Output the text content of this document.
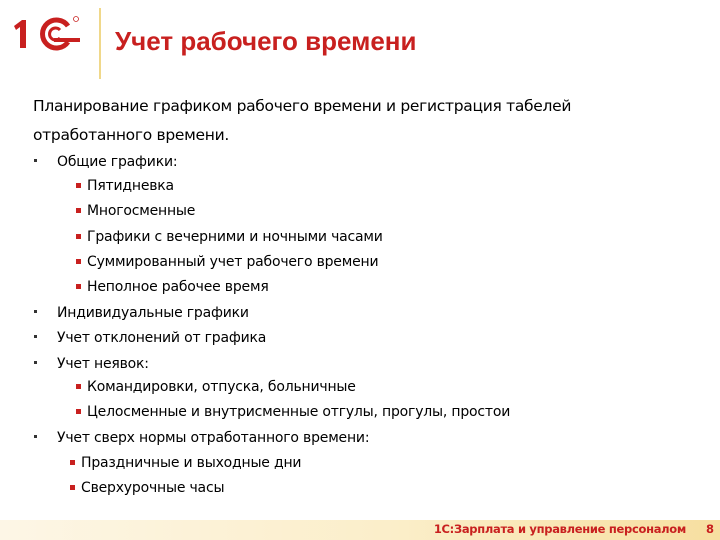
Учет рабочего времени
Планирование графиком рабочего времени и регистрация табелей
отработанного времени.
Общие графики:
Пятидневка
Многосменные
Графики с вечерними и ночными часами
Суммированный учет рабочего времени
Неполное рабочее время
Индивидуальные графики
Учет отклонений от графика
Учет неявок:
Командировки, отпуска, больничные
Целосменные и внутрисменные отгулы, прогулы, простои
Учет сверх нормы отработанного времени:
Праздничные и выходные дни
Сверхурочные часы
1С:Зарплата и управление персоналом 8
